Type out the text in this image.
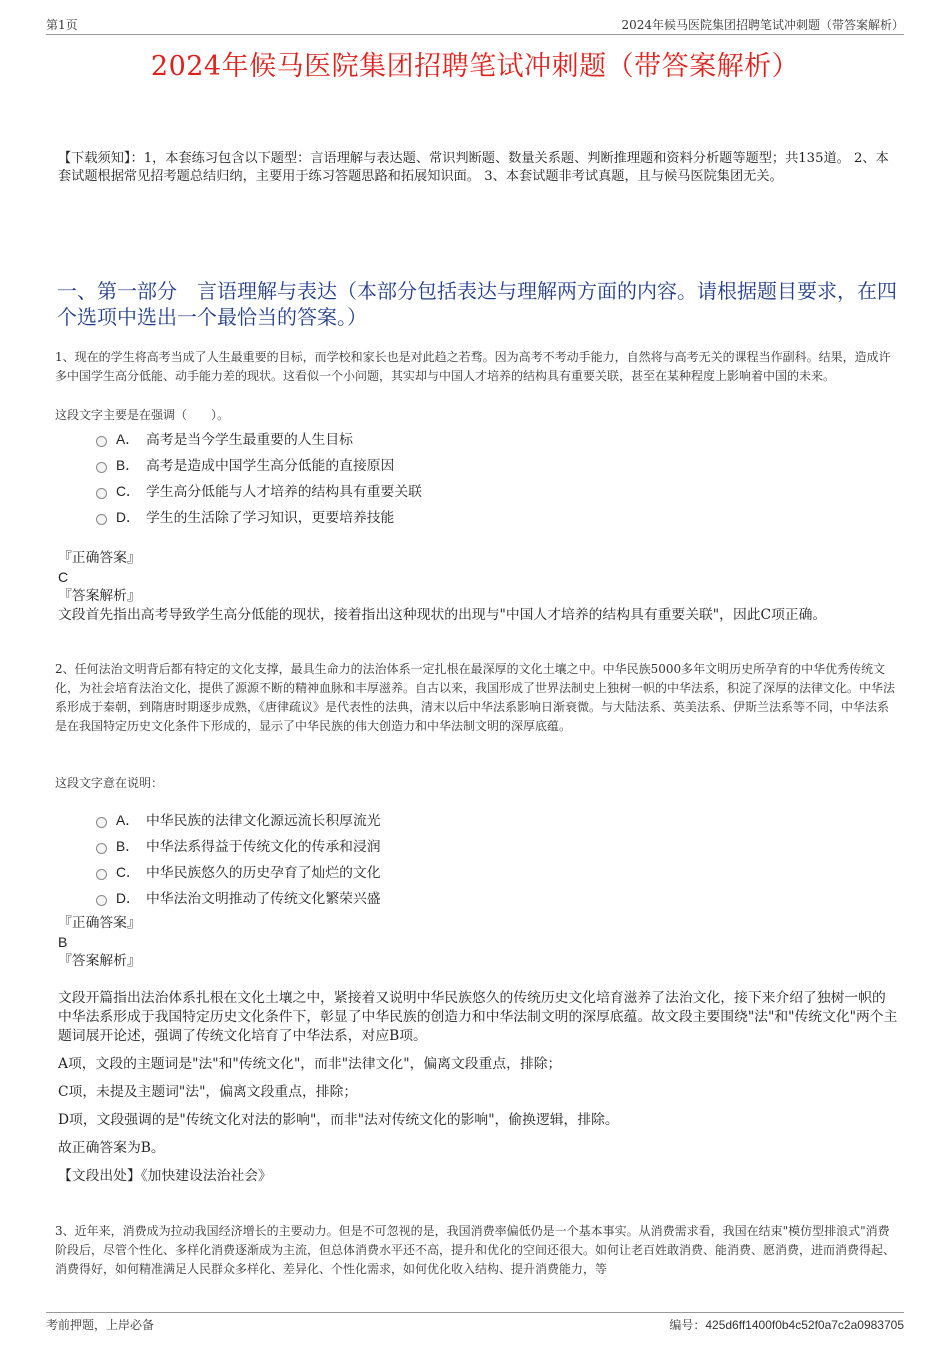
第1页	2024年候马医院集团招聘笔试冲刺题（带答案解析）
2024年候马医院集团招聘笔试冲刺题（带答案解析）
【下载须知】：1，本套练习包含以下题型：言语理解与表达题、常识判断题、数量关系题、判断推理题和资料分析题等题型；共135道。 2、本套试题根据常见招考题总结归纳，主要用于练习答题思路和拓展知识面。 3、本套试题非考试真题，且与候马医院集团无关。
一、第一部分　言语理解与表达（本部分包括表达与理解两方面的内容。请根据题目要求，在四个选项中选出一个最恰当的答案。）
1、现在的学生将高考当成了人生最重要的目标，而学校和家长也是对此趋之若骛。因为高考不考动手能力，自然将与高考无关的课程当作副科。结果，造成许多中国学生高分低能、动手能力差的现状。这看似一个小问题，其实却与中国人才培养的结构具有重要关联，甚至在某种程度上影响着中国的未来。
这段文字主要是在强调（　　）。
A． 高考是当今学生最重要的人生目标
B． 高考是造成中国学生高分低能的直接原因
C． 学生高分低能与人才培养的结构具有重要关联
D． 学生的生活除了学习知识，更要培养技能
『正确答案』
C
『答案解析』
文段首先指出高考导致学生高分低能的现状，接着指出这种现状的出现与"中国人才培养的结构具有重要关联"，因此C项正确。
2、任何法治文明背后都有特定的文化支撑，最具生命力的法治体系一定扎根在最深厚的文化土壤之中。中华民族5000多年文明历史所孕育的中华优秀传统文化，为社会培育法治文化，提供了源源不断的精神血脉和丰厚滋养。自古以来，我国形成了世界法制史上独树一帜的中华法系，积淀了深厚的法律文化。中华法系形成于秦朝，到隋唐时期逐步成熟，《唐律疏议》是代表性的法典，清末以后中华法系影响日渐衰微。与大陆法系、英美法系、伊斯兰法系等不同，中华法系是在我国特定历史文化条件下形成的，显示了中华民族的伟大创造力和中华法制文明的深厚底蕴。
这段文字意在说明：
A． 中华民族的法律文化源远流长积厚流光
B． 中华法系得益于传统文化的传承和浸润
C． 中华民族悠久的历史孕育了灿烂的文化
D． 中华法治文明推动了传统文化繁荣兴盛
『正确答案』
B
『答案解析』

文段开篇指出法治体系扎根在文化土壤之中，紧接着又说明中华民族悠久的传统历史文化培育滋养了法治文化，接下来介绍了独树一帜的中华法系形成于我国特定历史文化条件下，彰显了中华民族的创造力和中华法制文明的深厚底蕴。故文段主要围绕"法"和"传统文化"两个主题词展开论述，强调了传统文化培育了中华法系，对应B项。

A项，文段的主题词是"法"和"传统文化"，而非"法律文化"，偏离文段重点，排除；

C项，未提及主题词"法"，偏离文段重点，排除；

D项，文段强调的是"传统文化对法的影响"，而非"法对传统文化的影响"，偷换逻辑，排除。

故正确答案为B。

【文段出处】《加快建设法治社会》

3、近年来，消费成为拉动我国经济增长的主要动力。但是不可忽视的是，我国消费率偏低仍是一个基本事实。从消费需求看，我国在结束"模仿型排浪式"消费阶段后，尽管个性化、多样化消费逐渐成为主流，但总体消费水平还不高，提升和优化的空间还很大。如何让老百姓敢消费、能消费、愿消费，进而消费得起、消费得好，如何精准满足人民群众多样化、差异化、个性化需求，如何优化收入结构、提升消费能力，等
考前押题，上岸必备	编号：425d6ff1400f0b4c52f0a7c2a0983705
